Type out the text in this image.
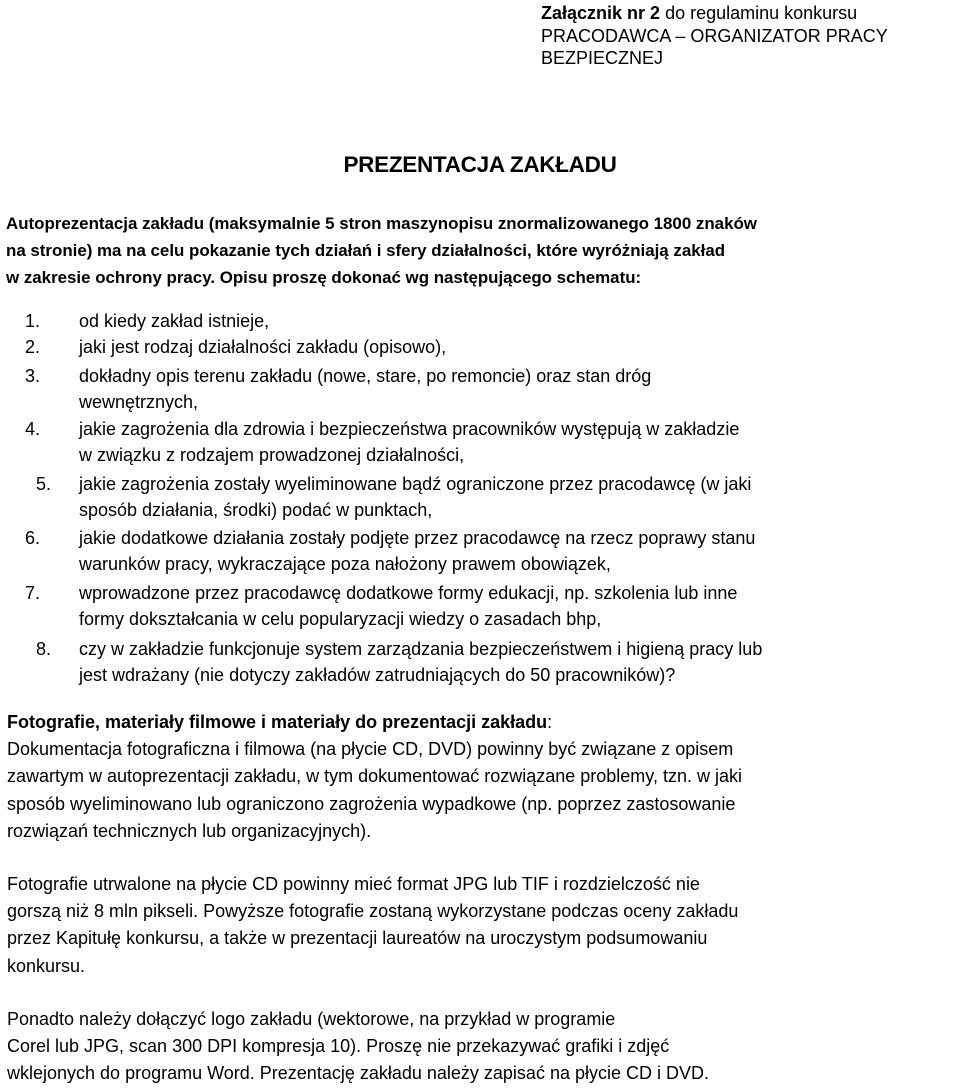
Załącznik nr 2 do regulaminu konkursu
PRACODAWCA – ORGANIZATOR PRACY
BEZPIECZNEJ
PREZENTACJA ZAKŁADU
Autoprezentacja zakładu (maksymalnie 5 stron maszynopisu znormalizowanego 1800 znaków
na stronie) ma na celu pokazanie tych działań i sfery działalności, które wyróżniają zakład
w zakresie ochrony pracy. Opisu proszę dokonać wg następującego schematu:
1. od kiedy zakład istnieje,
2. jaki jest rodzaj działalności zakładu (opisowo),
3. dokładny opis terenu zakładu (nowe, stare, po remoncie) oraz stan dróg
wewnętrznych,
4. jakie zagrożenia dla zdrowia i bezpieczeństwa pracowników występują w zakładzie
w związku z rodzajem prowadzonej działalności,
5. jakie zagrożenia zostały wyeliminowane bądź ograniczone przez pracodawcę (w jaki
sposób działania, środki) podać w punktach,
6. jakie dodatkowe działania zostały podjęte przez pracodawcę na rzecz poprawy stanu
warunków pracy, wykraczające poza nałożony prawem obowiązek,
7. wprowadzone przez pracodawcę dodatkowe formy edukacji, np. szkolenia lub inne
formy dokształcania w celu popularyzacji wiedzy o zasadach bhp,
8. czy w zakładzie funkcjonuje system zarządzania bezpieczeństwem i higieną pracy lub
jest wdrażany (nie dotyczy zakładów zatrudniających do 50 pracowników)?
Fotografie, materiały filmowe i materiały do prezentacji zakładu:
Dokumentacja fotograficzna i filmowa (na płycie CD, DVD) powinny być związane z opisem
zawartym w autoprezentacji zakładu, w tym dokumentować rozwiązane problemy, tzn. w jaki
sposób wyeliminowano lub ograniczono zagrożenia wypadkowe (np. poprzez zastosowanie
rozwiązań technicznych lub organizacyjnych).
Fotografie utrwalone na płycie CD powinny mieć format JPG lub TIF i rozdzielczość nie
gorszą niż 8 mln pikseli. Powyższe fotografie zostaną wykorzystane podczas oceny zakładu
przez Kapitułę konkursu, a także w prezentacji laureatów na uroczystym podsumowaniu
konkursu.
Ponadto należy dołączyć logo zakładu (wektorowe, na przykład w programie
Corel lub JPG, scan 300 DPI kompresja 10). Proszę nie przekazywać grafiki i zdjęć
wklejonych do programu Word. Prezentację zakładu należy zapisać na płycie CD i DVD.
